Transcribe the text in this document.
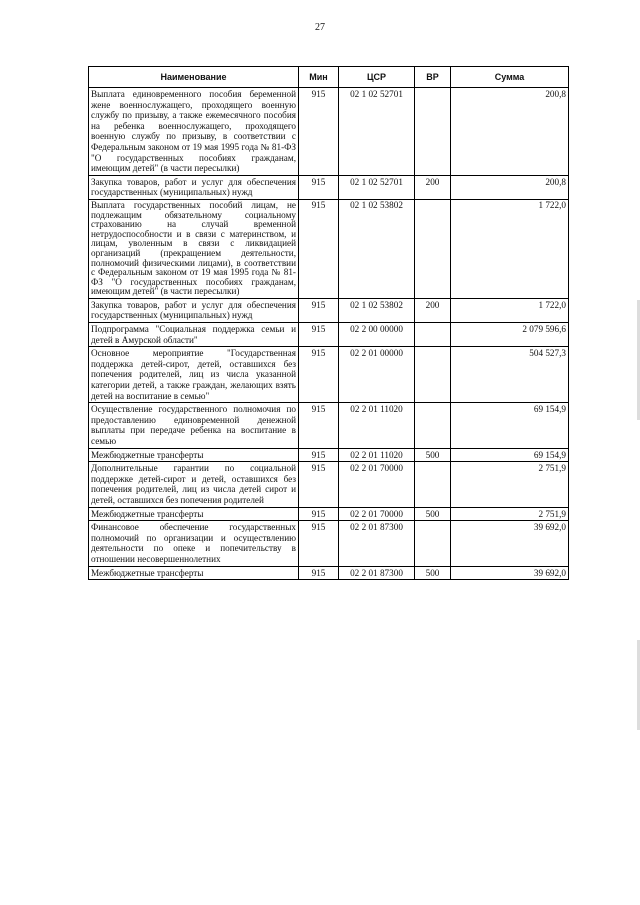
27
Наименование	Мин	ЦСР	ВР	Сумма
Выплата единовременного пособия беременной жене военнослужащего, проходящего военную службу по призыву, а также ежемесячного пособия на ребенка военнослужащего, проходящего военную службу по призыву, в соответствии с Федеральным законом от 19 мая 1995 года № 81-ФЗ "О государственных пособиях гражданам, имеющим детей" (в части пересылки)	915	02 1 02 52701		200,8
Закупка товаров, работ и услуг для обеспечения государственных (муниципальных) нужд	915	02 1 02 52701	200	200,8
Выплата государственных пособий лицам, не подлежащим обязательному социальному страхованию на случай временной нетрудоспособности и в связи с материнством, и лицам, уволенным в связи с ликвидацией организаций (прекращением деятельности, полномочий физическими лицами), в соответствии с Федеральным законом от 19 мая 1995 года № 81-ФЗ "О государственных пособиях гражданам, имеющим детей" (в части пересылки)	915	02 1 02 53802		1 722,0
Закупка товаров, работ и услуг для обеспечения государственных (муниципальных) нужд	915	02 1 02 53802	200	1 722,0
Подпрограмма "Социальная поддержка семьи и детей в Амурской области"	915	02 2 00 00000		2 079 596,6
Основное мероприятие "Государственная поддержка детей-сирот, детей, оставшихся без попечения родителей, лиц из числа указанной категории детей, а также граждан, желающих взять детей на воспитание в семью"	915	02 2 01 00000		504 527,3
Осуществление государственного полномочия по предоставлению единовременной денежной выплаты при передаче ребенка на воспитание в семью	915	02 2 01 11020		69 154,9
Межбюджетные трансферты	915	02 2 01 11020	500	69 154,9
Дополнительные гарантии по социальной поддержке детей-сирот и детей, оставшихся без попечения родителей, лиц из числа детей сирот и детей, оставшихся без попечения родителей	915	02 2 01 70000		2 751,9
Межбюджетные трансферты	915	02 2 01 70000	500	2 751,9
Финансовое обеспечение государственных полномочий по организации и осуществлению деятельности по опеке и попечительству в отношении несовершеннолетних	915	02 2 01 87300		39 692,0
Межбюджетные трансферты	915	02 2 01 87300	500	39 692,0
